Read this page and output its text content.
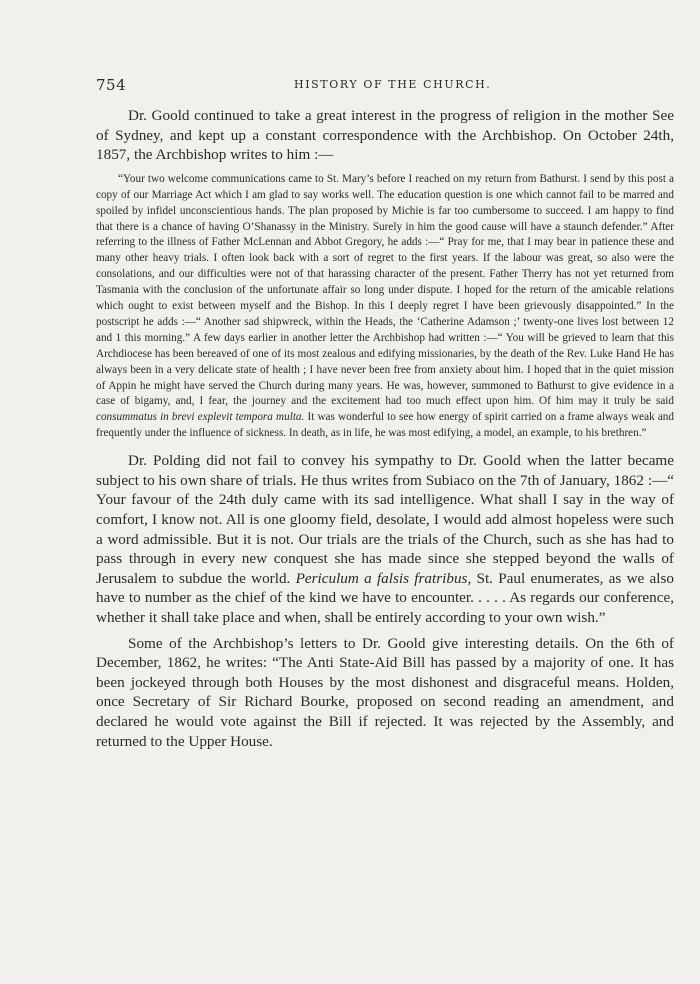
754	HISTORY OF THE CHURCH.

Dr. Goold continued to take a great interest in the progress of religion in the mother See of Sydney, and kept up a constant correspondence with the Archbishop. On October 24th, 1857, the Archbishop writes to him :—

“Your two welcome communications came to St. Mary’s before I reached on my return from Bathurst. I send by this post a copy of our Marriage Act which I am glad to say works well. The education question is one which cannot fail to be marred and spoiled by infidel unconscientious hands. The plan proposed by Michie is far too cumbersome to succeed. I am happy to find that there is a chance of having O’Shanassy in the Ministry. Surely in him the good cause will have a staunch defender.” After referring to the illness of Father McLennan and Abbot Gregory, he adds :—“ Pray for me, that I may bear in patience these and many other heavy trials. I often look back with a sort of regret to the first years. If the labour was great, so also were the consolations, and our difficulties were not of that harassing character of the present. Father Therry has not yet returned from Tasmania with the conclusion of the unfortunate affair so long under dispute. I hoped for the return of the amicable relations which ought to exist between myself and the Bishop. In this I deeply regret I have been grievously disappointed.” In the postscript he adds :—“ Another sad shipwreck, within the Heads, the ‘Catherine Adamson ;’ twenty-one lives lost between 12 and 1 this morning.” A few days earlier in another letter the Archbishop had written :—“ You will be grieved to learn that this Archdiocese has been bereaved of one of its most zealous and edifying missionaries, by the death of the Rev. Luke Hand He has always been in a very delicate state of health ; I have never been free from anxiety about him. I hoped that in the quiet mission of Appin he might have served the Church during many years. He was, however, summoned to Bathurst to give evidence in a case of bigamy, and, I fear, the journey and the excitement had too much effect upon him. Of him may it truly be said consummatus in brevi explevit tempora multa. It was wonderful to see how energy of spirit carried on a frame always weak and frequently under the influence of sickness. In death, as in life, he was most edifying, a model, an example, to his brethren.”

Dr. Polding did not fail to convey his sympathy to Dr. Goold when the latter became subject to his own share of trials. He thus writes from Subiaco on the 7th of January, 1862 :—“ Your favour of the 24th duly came with its sad intelligence. What shall I say in the way of comfort, I know not. All is one gloomy field, desolate, I would add almost hopeless were such a word admissible. But it is not. Our trials are the trials of the Church, such as she has had to pass through in every new conquest she has made since she stepped beyond the walls of Jerusalem to subdue the world. Periculum a falsis fratribus, St. Paul enumerates, as we also have to number as the chief of the kind we have to encounter. . . . . As regards our conference, whether it shall take place and when, shall be entirely according to your own wish.”

Some of the Archbishop’s letters to Dr. Goold give interesting details. On the 6th of December, 1862, he writes: “The Anti State-Aid Bill has passed by a majority of one. It has been jockeyed through both Houses by the most dishonest and disgraceful means. Holden, once Secretary of Sir Richard Bourke, proposed on second reading an amendment, and declared he would vote against the Bill if rejected. It was rejected by the Assembly, and returned to the Upper House.
